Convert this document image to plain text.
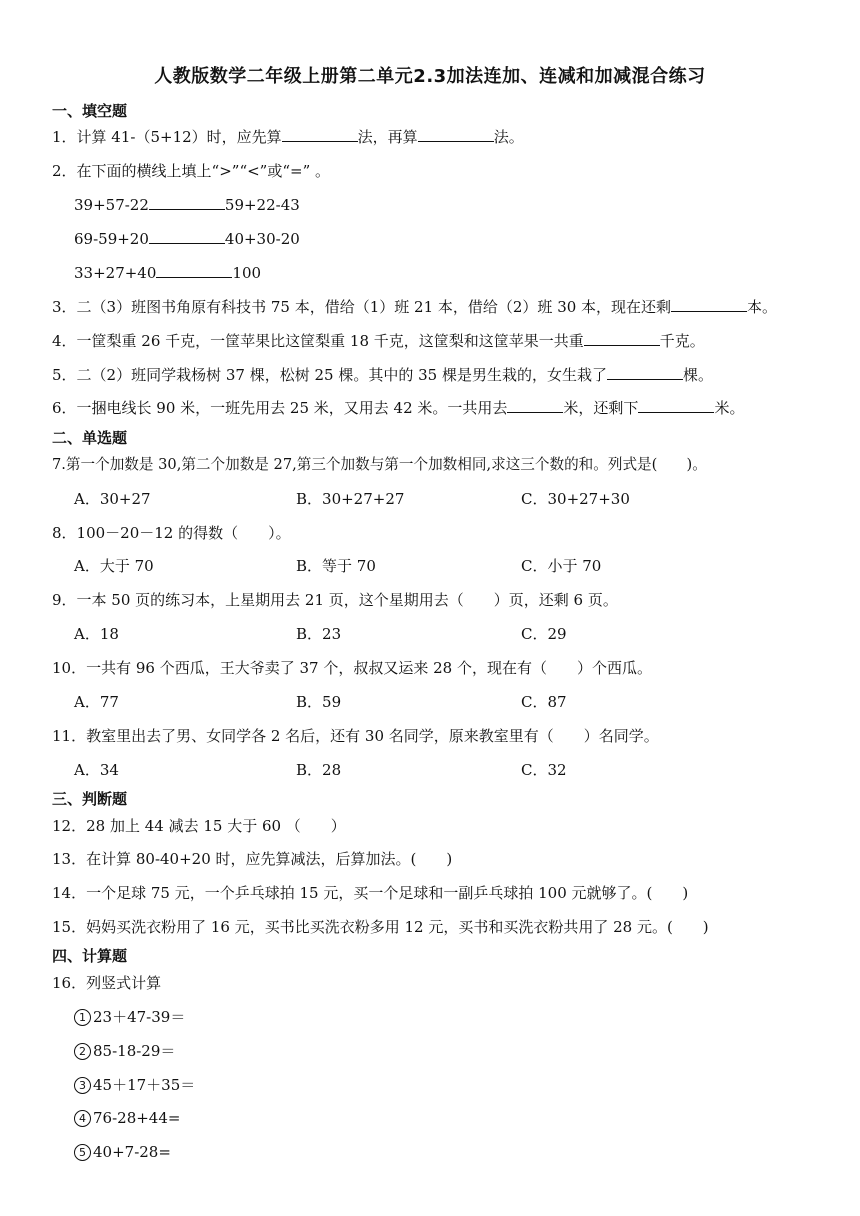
人教版数学二年级上册第二单元2.3加法连加、连减和加减混合练习
一、填空题
1．计算 41-（5+12）时，应先算	法，再算	法。
2．在下面的横线上填上“>”“<”或“=” 。
39+57-22	59+22-43
69-59+20	40+30-20
33+27+40	100
3．二（3）班图书角原有科技书 75 本，借给（1）班 21 本，借给（2）班 30 本，现在还剩	本。
4．一筐梨重 26 千克，一筐苹果比这筐梨重 18 千克，这筐梨和这筐苹果一共重	千克。
5．二（2）班同学栽杨树 37 棵，松树 25 棵。其中的 35 棵是男生栽的，女生栽了	棵。
6．一捆电线长 90 米，一班先用去 25 米，又用去 42 米。一共用去	米，还剩下	米。
二、单选题
7.第一个加数是 30,第二个加数是 27,第三个加数与第一个加数相同,求这三个数的和。列式是(　　)。
A．30+27	B．30+27+27	C．30+27+30
8．100－20－12 的得数（　　）。
A．大于 70	B．等于 70	C．小于 70
9．一本 50 页的练习本，上星期用去 21 页，这个星期用去（　　）页，还剩 6 页。
A．18	B．23	C．29
10．一共有 96 个西瓜，王大爷卖了 37 个，叔叔又运来 28 个，现在有（　　）个西瓜。
A．77	B．59	C．87
11．教室里出去了男、女同学各 2 名后，还有 30 名同学，原来教室里有（　　）名同学。
A．34	B．28	C．32
三、判断题
12．28 加上 44 减去 15 大于 60 （　　）
13．在计算 80-40+20 时，应先算减法，后算加法。(　　)
14．一个足球 75 元，一个乒乓球拍 15 元，买一个足球和一副乒乓球拍 100 元就够了。(　　)
15．妈妈买洗衣粉用了 16 元，买书比买洗衣粉多用 12 元，买书和买洗衣粉共用了 28 元。(　　)
四、计算题
16．列竖式计算
1 23＋47-39＝
2 85-18-29＝
3 45＋17＋35＝
4 76-28+44=
5 40+7-28=
